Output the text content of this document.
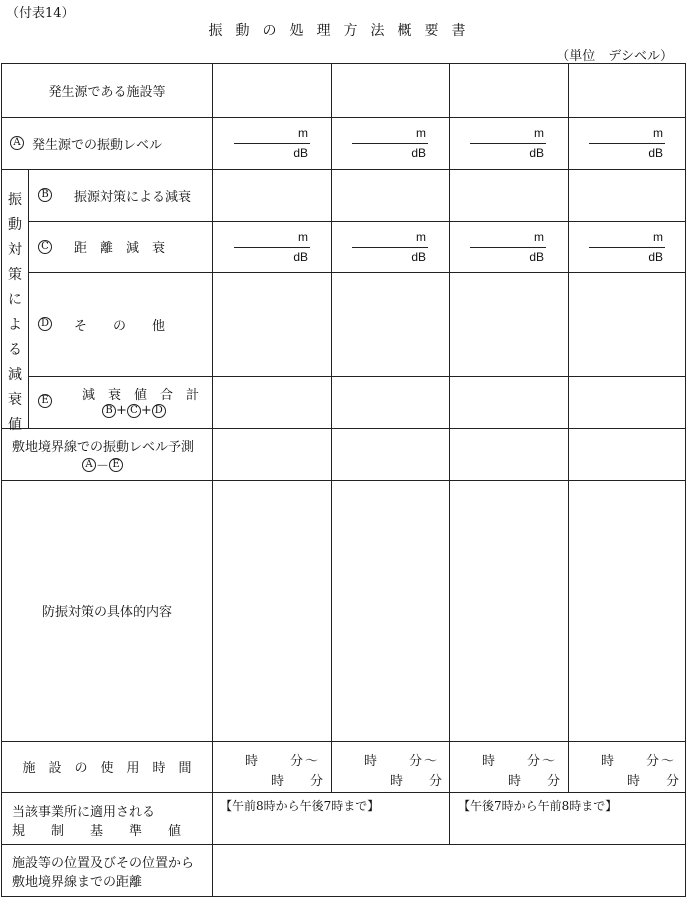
（付表14）
振動の処理方法概要書
（単位　デシベル）
発生源である施設等
A 発生源での振動レベル
振
動
対
策
に
よ
る
減
衰
値
B 振源対策による減衰
C 距　離　減　衰
D そ　　の　　他
E	減　衰　値　合　計
B + C + D
敷地境界線での振動レベル予測
A － E
防振対策の具体的内容
施　設　の　使　用　時　間
当該事業所に適用される
規　　制　　基　　準　　値
【午前8時から午後7時まで】	【午後7時から午前8時まで】
施設等の位置及びその位置から
敷地境界線までの距離
m
dB
m
dB
m
dB
m
dB
m
dB
m
dB
m
dB
m
dB
時　　分～
時　　分
時　　分～
時　　分
時　　分～
時　　分
時　　分～
時　　分
